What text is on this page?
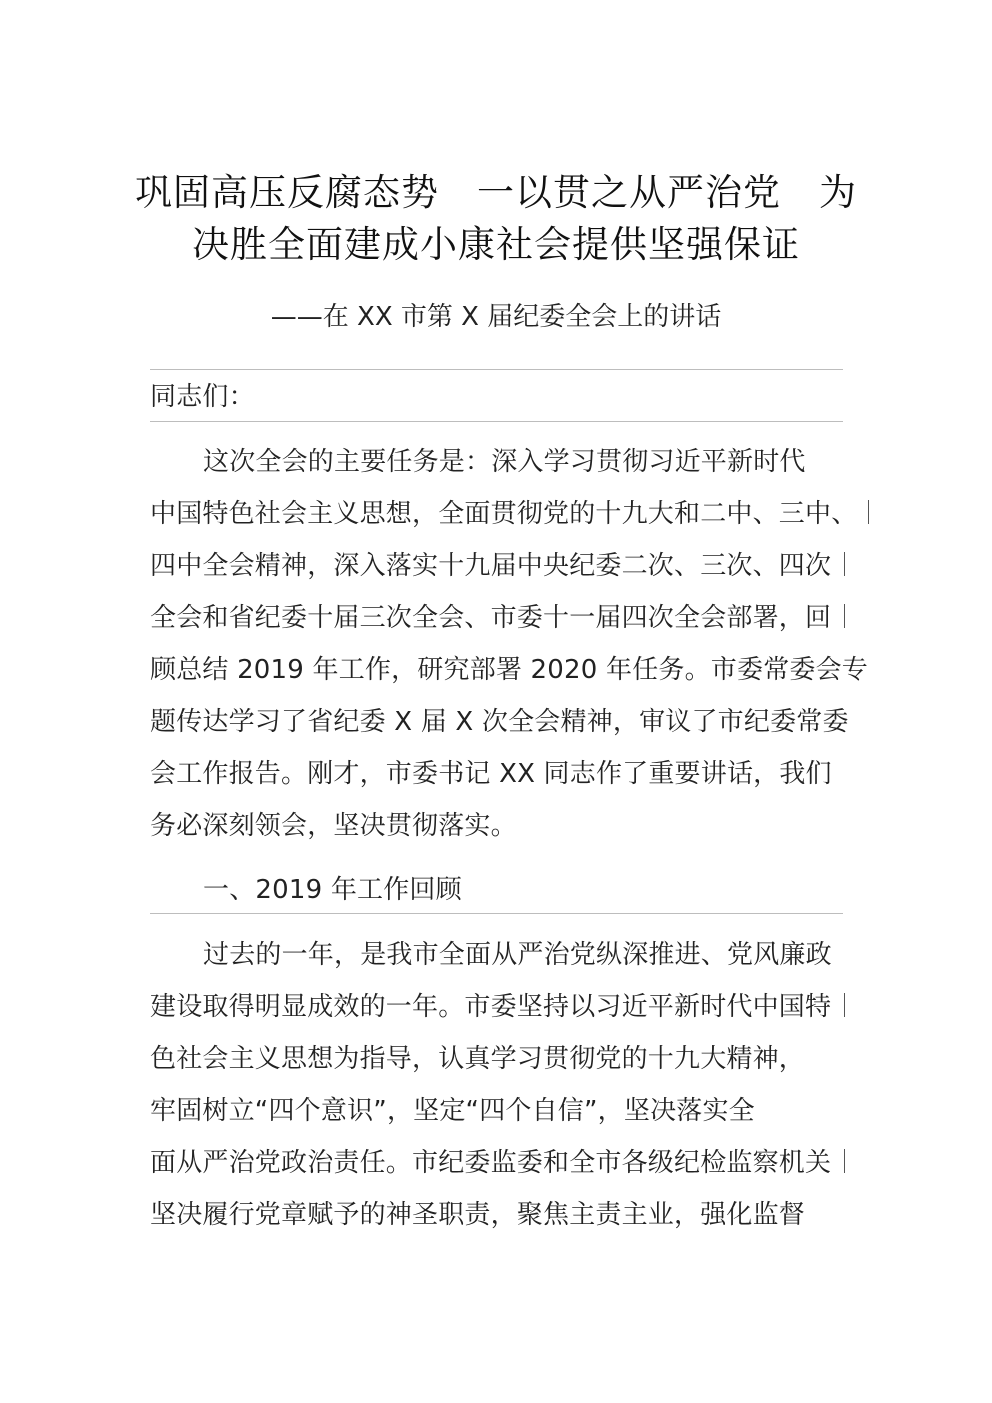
巩固高压反腐态势　一以贯之从严治党　为
决胜全面建成小康社会提供坚强保证
——在 XX 市第 X 届纪委全会上的讲话
同志们：
这次全会的主要任务是：深入学习贯彻习近平新时代
中国特色社会主义思想，全面贯彻党的十九大和二中、三中、
四中全会精神，深入落实十九届中央纪委二次、三次、四次
全会和省纪委十届三次全会、市委十一届四次全会部署，回
顾总结 2019 年工作，研究部署 2020 年任务。市委常委会专
题传达学习了省纪委 X 届 X 次全会精神，审议了市纪委常委
会工作报告。刚才，市委书记 XX 同志作了重要讲话，我们
务必深刻领会，坚决贯彻落实。
一、2019 年工作回顾
过去的一年，是我市全面从严治党纵深推进、党风廉政
建设取得明显成效的一年。市委坚持以习近平新时代中国特
色社会主义思想为指导，认真学习贯彻党的十九大精神，
牢固树立“四个意识”，坚定“四个自信”，坚决落实全
面从严治党政治责任。市纪委监委和全市各级纪检监察机关
坚决履行党章赋予的神圣职责，聚焦主责主业，强化监督
